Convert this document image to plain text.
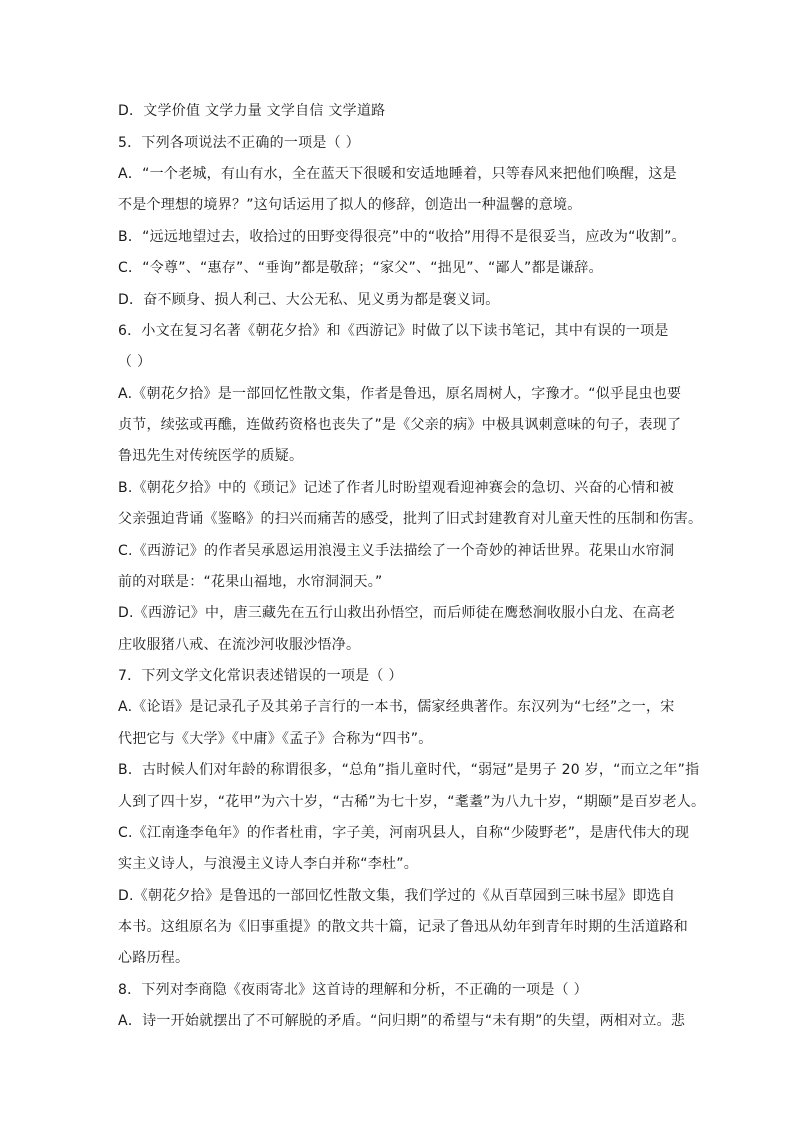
D．文学价值 文学力量 文学自信 文学道路
5．下列各项说法不正确的一项是（ ）
A．“一个老城，有山有水，全在蓝天下很暖和安适地睡着，只等春风来把他们唤醒，这是
不是个理想的境界？”这句话运用了拟人的修辞，创造出一种温馨的意境。
B．“远远地望过去，收拾过的田野变得很亮”中的“收拾”用得不是很妥当，应改为“收割”。
C．“令尊”、“惠存”、“垂询”都是敬辞；“家父”、“拙见”、“鄙人”都是谦辞。
D．奋不顾身、损人利己、大公无私、见义勇为都是褒义词。
6．小文在复习名著《朝花夕拾》和《西游记》时做了以下读书笔记，其中有误的一项是
（ ）
A.《朝花夕拾》是一部回忆性散文集，作者是鲁迅，原名周树人，字豫才。“似乎昆虫也要
贞节，续弦或再醮，连做药资格也丧失了”是《父亲的病》中极具讽刺意味的句子，表现了
鲁迅先生对传统医学的质疑。
B.《朝花夕拾》中的《琐记》记述了作者儿时盼望观看迎神赛会的急切、兴奋的心情和被
父亲强迫背诵《鉴略》的扫兴而痛苦的感受，批判了旧式封建教育对儿童天性的压制和伤害。
C.《西游记》的作者吴承恩运用浪漫主义手法描绘了一个奇妙的神话世界。花果山水帘洞
前的对联是：“花果山福地，水帘洞洞天。”
D.《西游记》中，唐三藏先在五行山救出孙悟空，而后师徒在鹰愁涧收服小白龙、在高老
庄收服猪八戒、在流沙河收服沙悟净。
7．下列文学文化常识表述错误的一项是（ ）
A.《论语》是记录孔子及其弟子言行的一本书，儒家经典著作。东汉列为“七经”之一，宋
代把它与《大学》《中庸》《孟子》合称为“四书”。
B．古时候人们对年龄的称谓很多，“总角”指儿童时代，“弱冠”是男子 20 岁，“而立之年”指
人到了四十岁，“花甲”为六十岁，“古稀”为七十岁，“耄耋”为八九十岁，“期颐”是百岁老人。
C.《江南逢李龟年》的作者杜甫，字子美，河南巩县人，自称“少陵野老”，是唐代伟大的现
实主义诗人，与浪漫主义诗人李白并称“李杜”。
D.《朝花夕拾》是鲁迅的一部回忆性散文集，我们学过的《从百草园到三味书屋》即选自
本书。这组原名为《旧事重提》的散文共十篇，记录了鲁迅从幼年到青年时期的生活道路和
心路历程。
8．下列对李商隐《夜雨寄北》这首诗的理解和分析，不正确的一项是（ ）
A．诗一开始就摆出了不可解脱的矛盾。“问归期”的希望与“未有期”的失望，两相对立。悲
